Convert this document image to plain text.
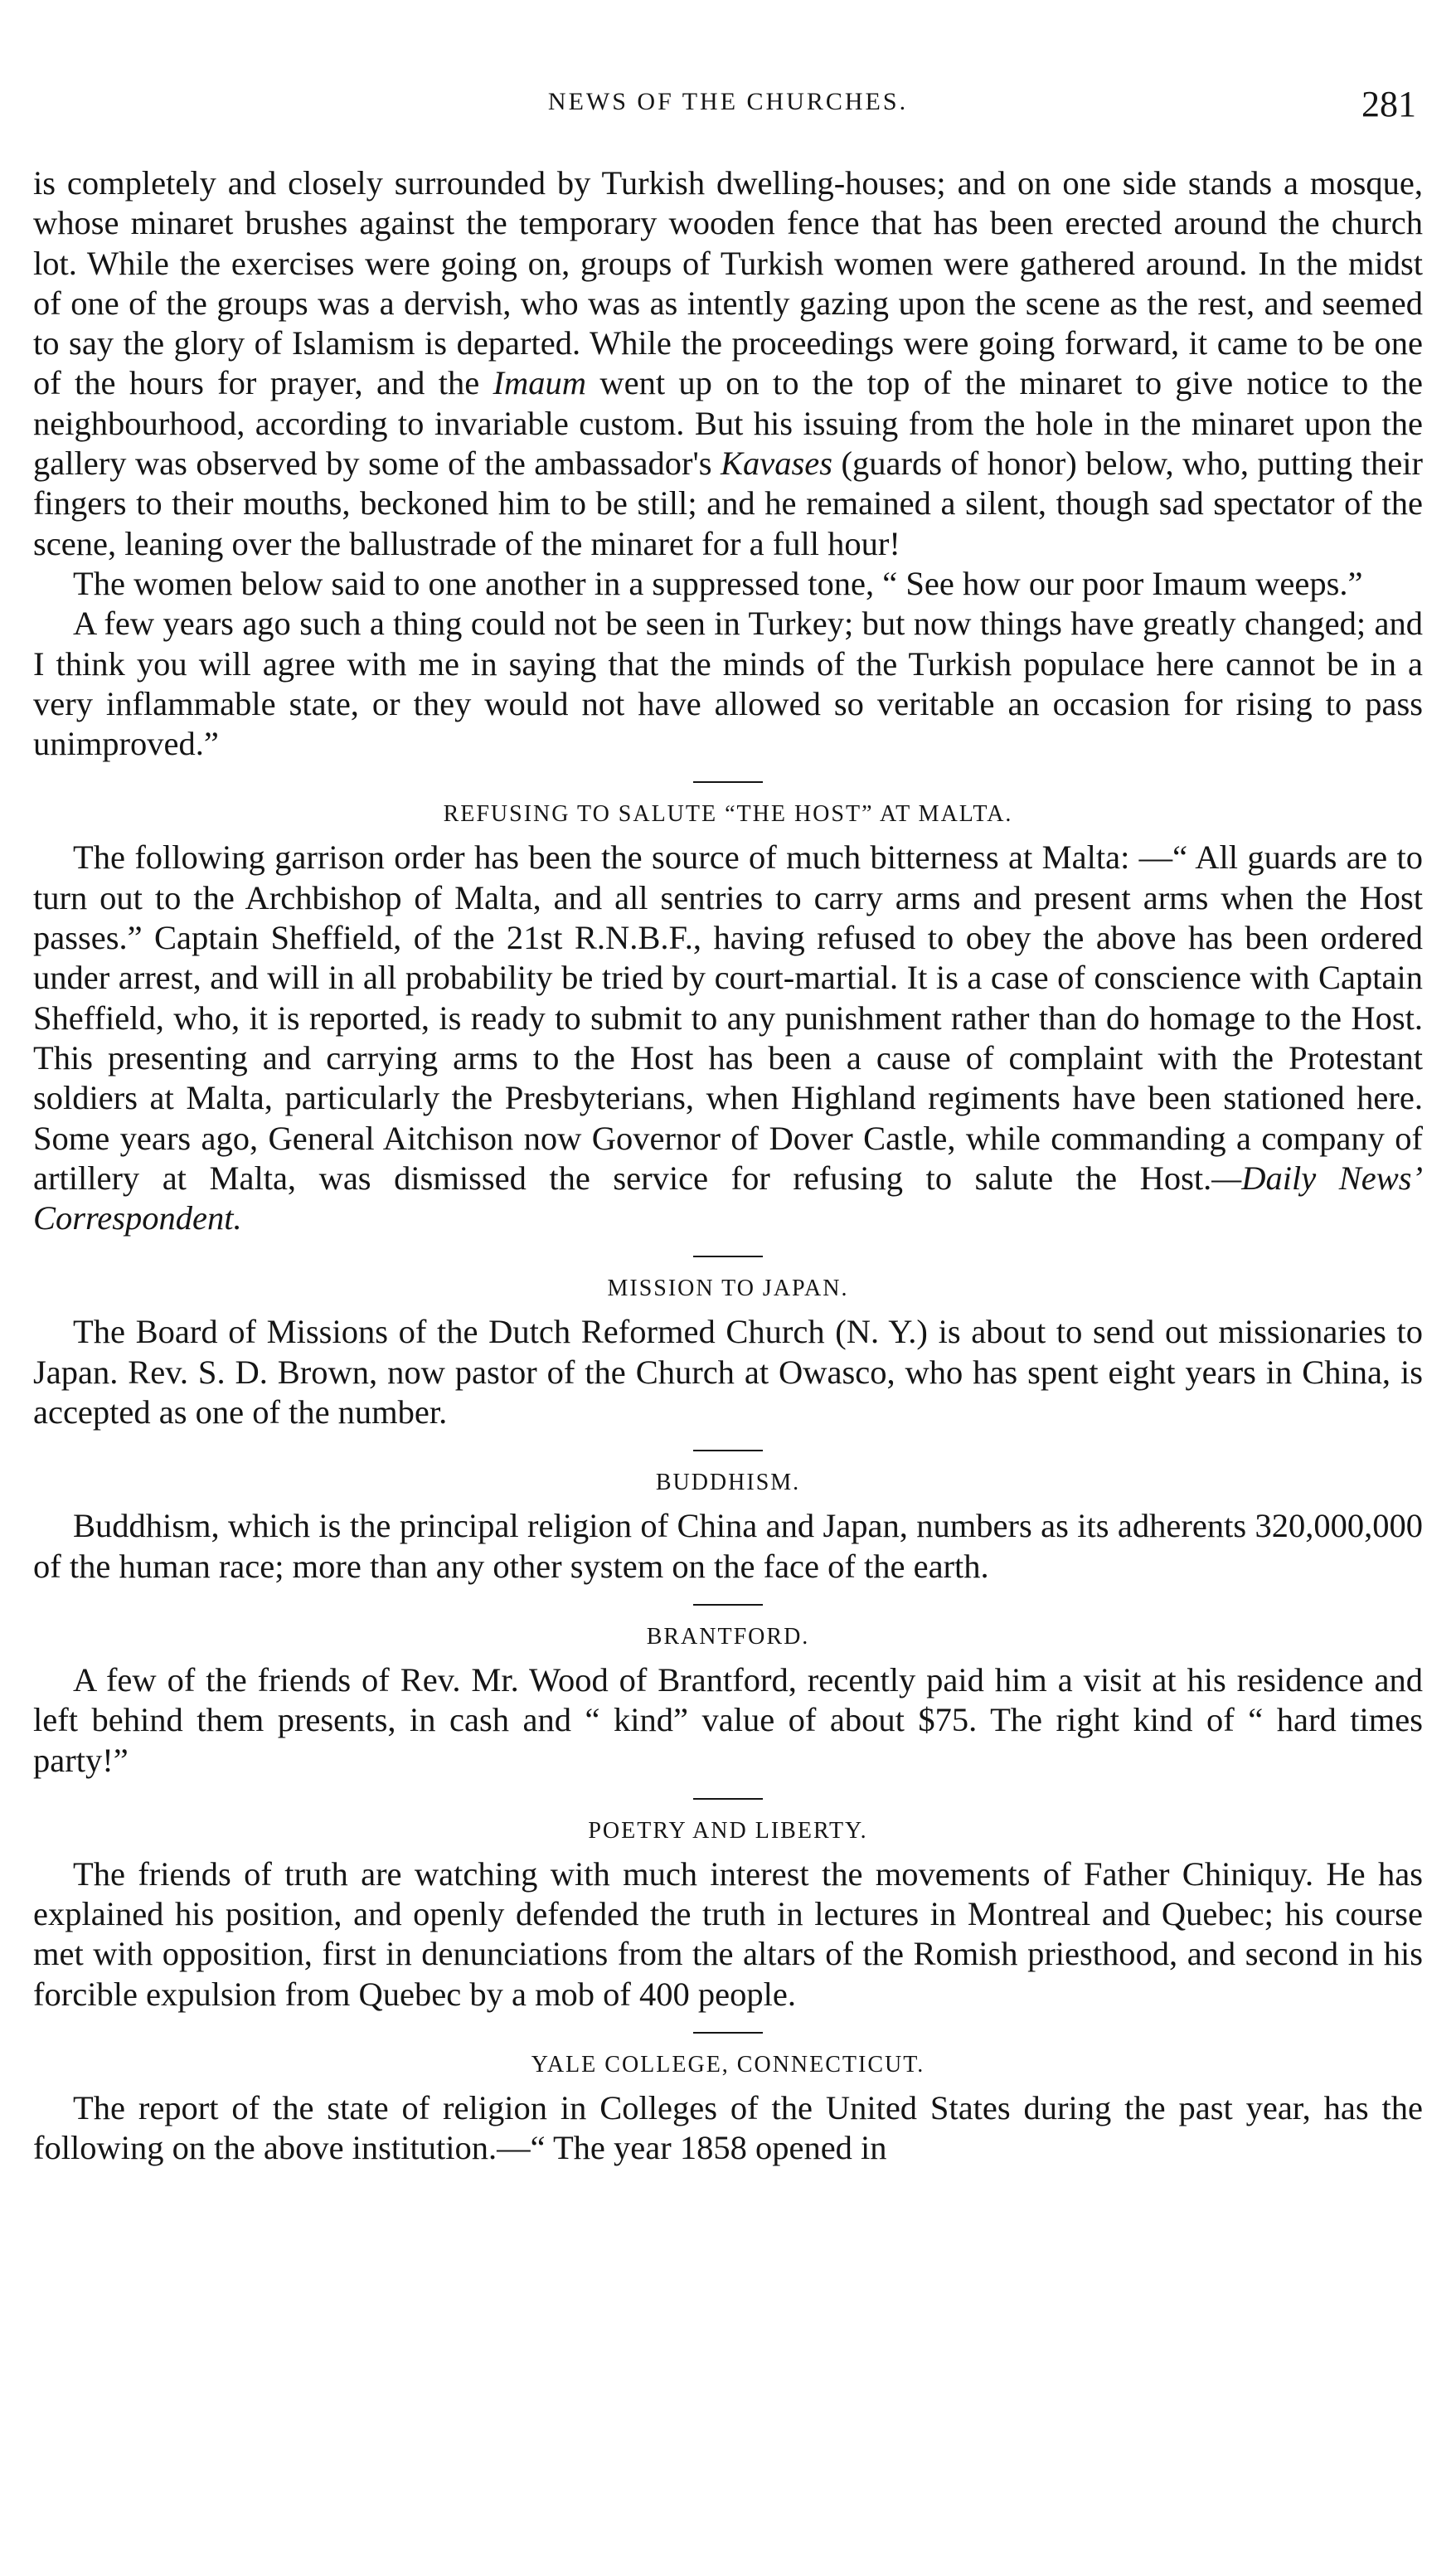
NEWS OF THE CHURCHES.	281

is completely and closely surrounded by Turkish dwelling-houses; and on one side stands a mosque, whose minaret brushes against the temporary wooden fence that has been erected around the church lot. While the exercises were going on, groups of Turkish women were gathered around. In the midst of one of the groups was a dervish, who was as intently gazing upon the scene as the rest, and seemed to say the glory of Islamism is departed. While the proceedings were going forward, it came to be one of the hours for prayer, and the Imaum went up on to the top of the minaret to give notice to the neighbourhood, according to invariable custom. But his issuing from the hole in the minaret upon the gallery was observed by some of the ambassador's Kavases (guards of honor) below, who, putting their fingers to their mouths, beckoned him to be still; and he remained a silent, though sad spectator of the scene, leaning over the ballustrade of the minaret for a full hour!

The women below said to one another in a suppressed tone, “ See how our poor Imaum weeps.”

A few years ago such a thing could not be seen in Turkey; but now things have greatly changed; and I think you will agree with me in saying that the minds of the Turkish populace here cannot be in a very inflammable state, or they would not have allowed so veritable an occasion for rising to pass unimproved.”

REFUSING TO SALUTE “THE HOST” AT MALTA.

The following garrison order has been the source of much bitterness at Malta: —“ All guards are to turn out to the Archbishop of Malta, and all sentries to carry arms and present arms when the Host passes.” Captain Sheffield, of the 21st R.N.B.F., having refused to obey the above has been ordered under arrest, and will in all probability be tried by court-martial. It is a case of conscience with Captain Sheffield, who, it is reported, is ready to submit to any punishment rather than do homage to the Host. This presenting and carrying arms to the Host has been a cause of complaint with the Protestant soldiers at Malta, particularly the Presbyterians, when Highland regiments have been stationed here. Some years ago, General Aitchison now Governor of Dover Castle, while commanding a company of artillery at Malta, was dismissed the service for refusing to salute the Host.—Daily News’ Correspondent.

MISSION TO JAPAN.

The Board of Missions of the Dutch Reformed Church (N. Y.) is about to send out missionaries to Japan. Rev. S. D. Brown, now pastor of the Church at Owasco, who has spent eight years in China, is accepted as one of the number.

BUDDHISM.

Buddhism, which is the principal religion of China and Japan, numbers as its adherents 320,000,000 of the human race; more than any other system on the face of the earth.

BRANTFORD.

A few of the friends of Rev. Mr. Wood of Brantford, recently paid him a visit at his residence and left behind them presents, in cash and “ kind” value of about $75. The right kind of “ hard times party!”

POETRY AND LIBERTY.

The friends of truth are watching with much interest the movements of Father Chiniquy. He has explained his position, and openly defended the truth in lectures in Montreal and Quebec; his course met with opposition, first in denunciations from the altars of the Romish priesthood, and second in his forcible expulsion from Quebec by a mob of 400 people.

YALE COLLEGE, CONNECTICUT.

The report of the state of religion in Colleges of the United States during the past year, has the following on the above institution.—“ The year 1858 opened in
